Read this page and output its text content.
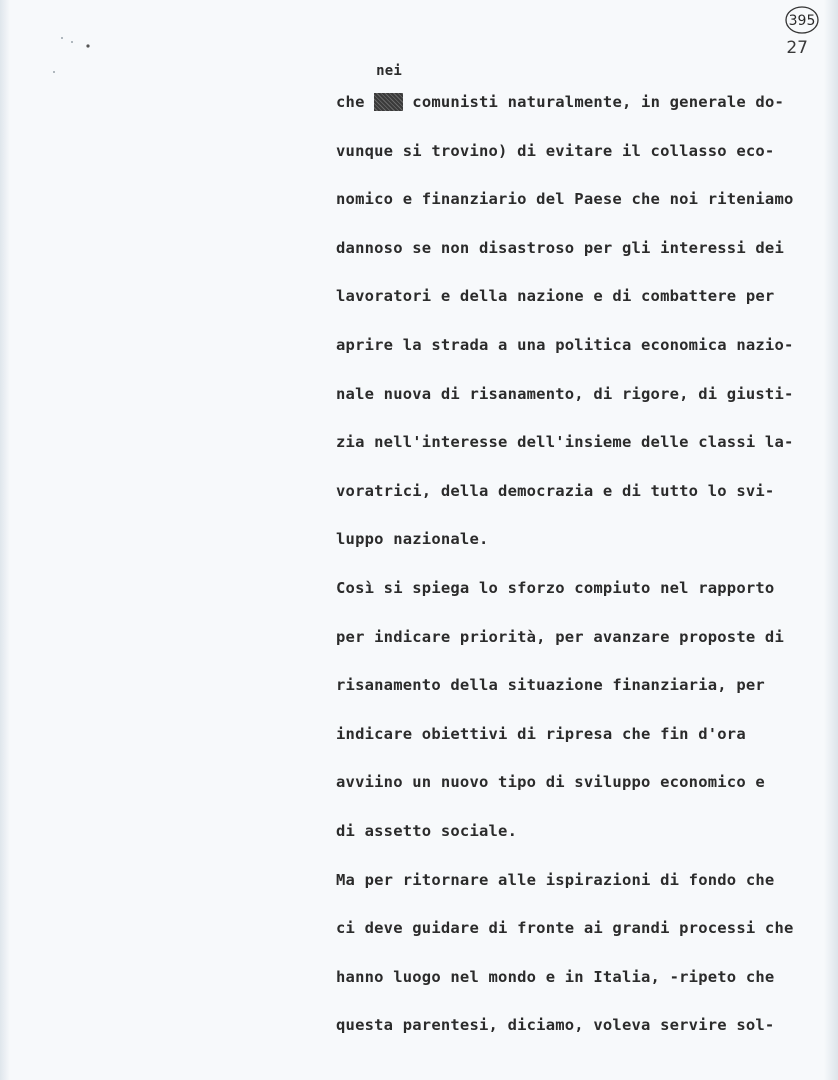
395
27
che
nei
comunisti naturalmente, in generale do-
vunque si trovino) di evitare il collasso eco-
nomico e finanziario del Paese che noi riteniamo
dannoso se non disastroso per gli interessi dei
lavoratori e della nazione e di combattere per
aprire la strada a una politica economica nazio-
nale nuova di risanamento, di rigore, di giusti-
zia nell'interesse dell'insieme delle classi la-
voratrici, della democrazia e di tutto lo svi-
luppo nazionale.
Così si spiega lo sforzo compiuto nel rapporto
per indicare priorità, per avanzare proposte di
risanamento della situazione finanziaria, per
indicare obiettivi di ripresa che fin d'ora
avviino un nuovo tipo di sviluppo economico e
di assetto sociale.
Ma per ritornare alle ispirazioni di fondo che
ci deve guidare di fronte ai grandi processi che
hanno luogo nel mondo e in Italia, -ripeto che
questa parentesi, diciamo, voleva servire sol-
